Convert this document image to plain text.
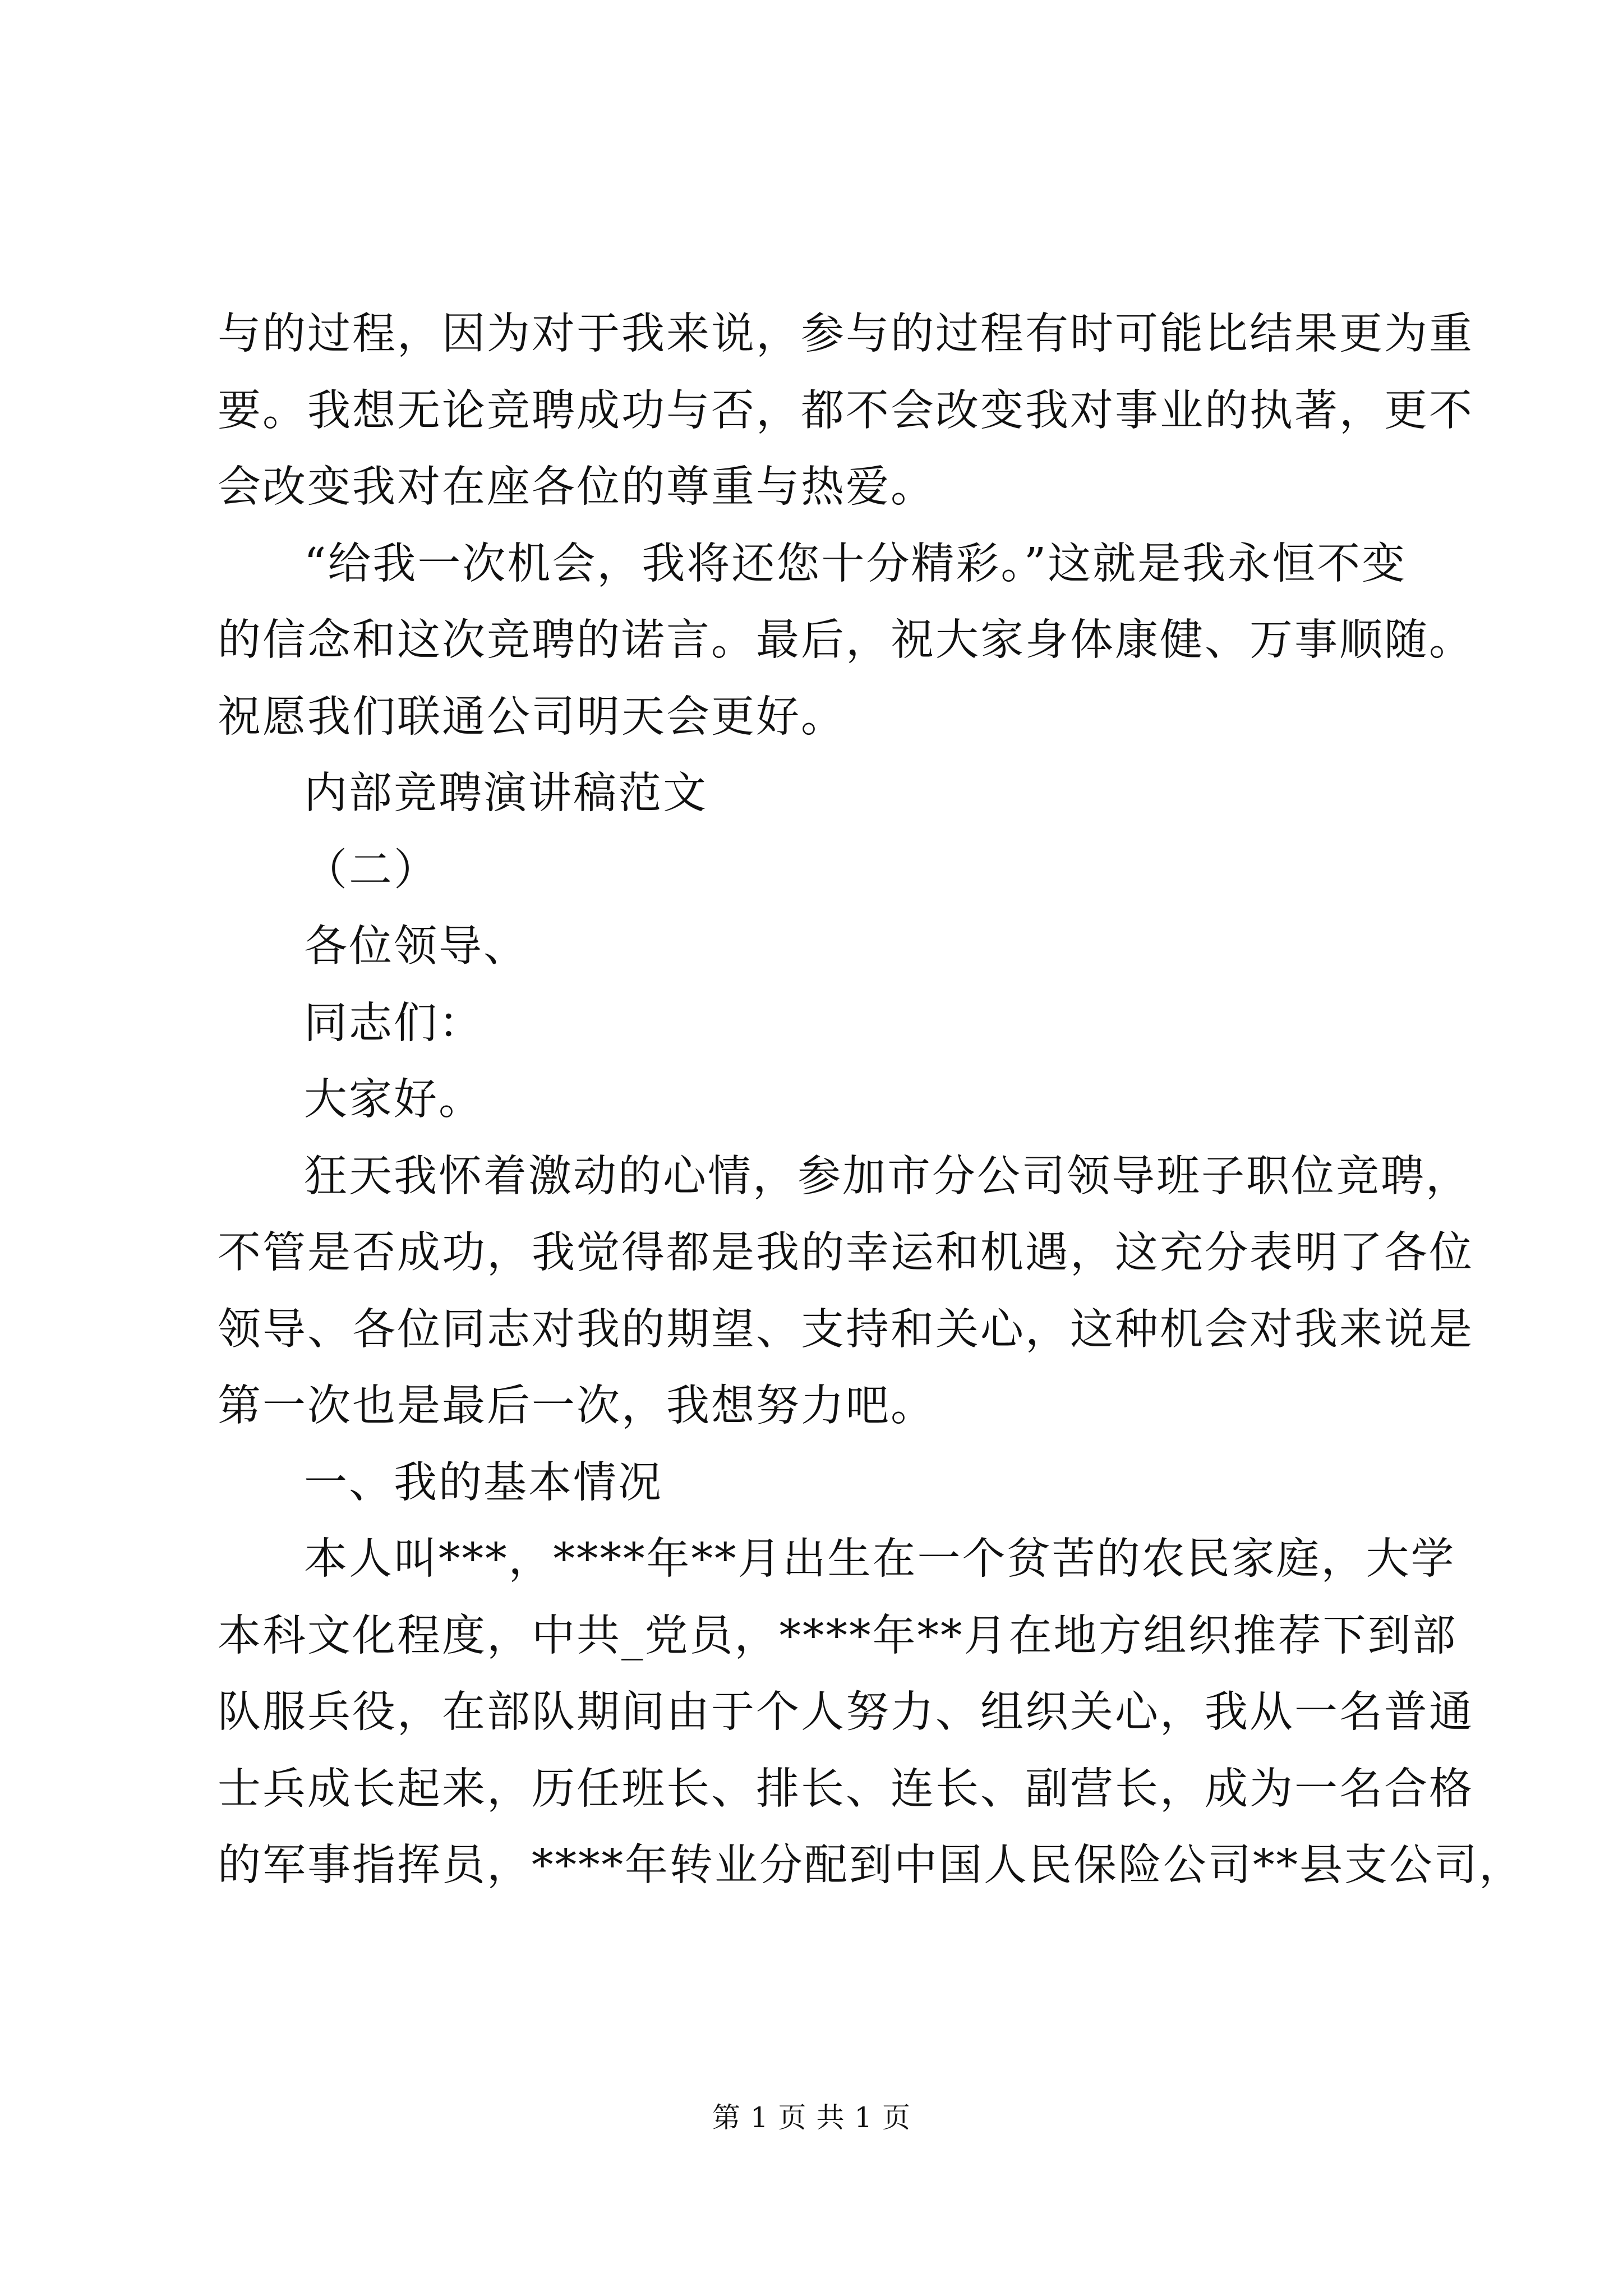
与的过程，因为对于我来说，参与的过程有时可能比结果更为重
要。我想无论竞聘成功与否，都不会改变我对事业的执著，更不
会改变我对在座各位的尊重与热爱。
“给我一次机会，我将还您十分精彩。”这就是我永恒不变
的信念和这次竞聘的诺言。最后，祝大家身体康健、万事顺随。
祝愿我们联通公司明天会更好。
内部竞聘演讲稿范文
（二）
各位领导、
同志们：
大家好。
狂天我怀着激动的心情，参加市分公司领导班子职位竞聘，
不管是否成功，我觉得都是我的幸运和机遇，这充分表明了各位
领导、各位同志对我的期望、支持和关心，这种机会对我来说是
第一次也是最后一次，我想努力吧。
一、我的基本情况
本人叫***，****年**月出生在一个贫苦的农民家庭，大学
本科文化程度，中共_党员，****年**月在地方组织推荐下到部
队服兵役，在部队期间由于个人努力、组织关心，我从一名普通
士兵成长起来，历任班长、排长、连长、副营长，成为一名合格
的军事指挥员，****年转业分配到中国人民保险公司**县支公司，
第 1 页 共 1 页
